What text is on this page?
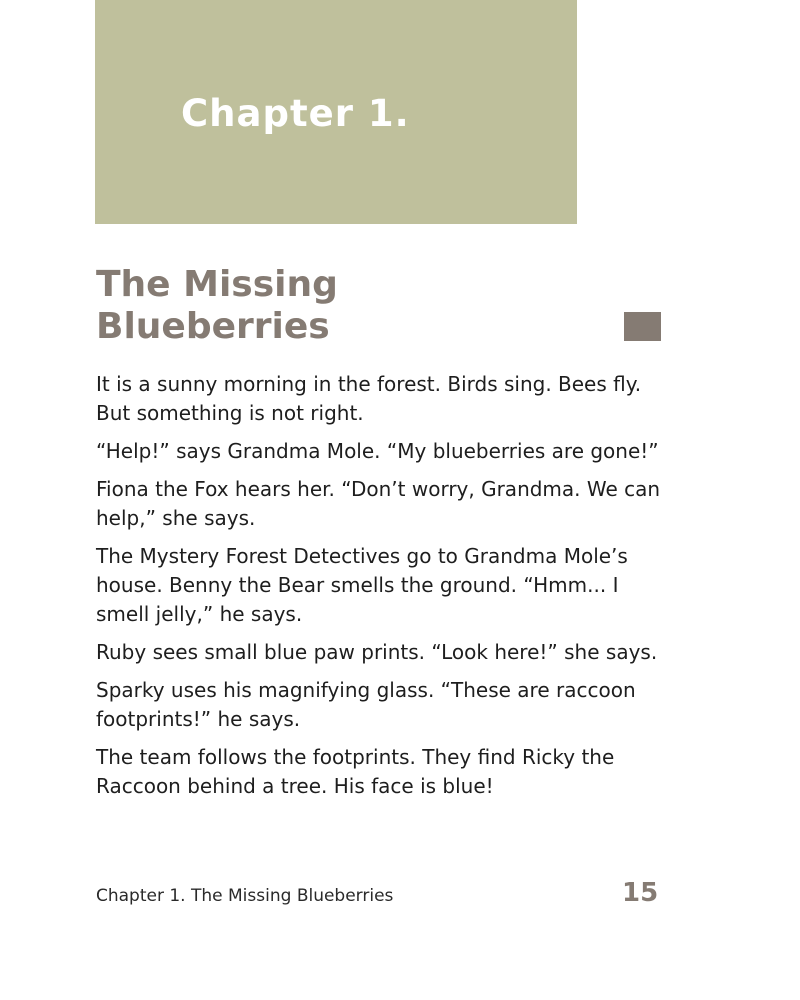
Chapter 1.
The Missing
Blueberries

It is a sunny morning in the forest. Birds sing. Bees fly. But something is not right.

“Help!” says Grandma Mole. “My blueberries are gone!”

Fiona the Fox hears her. “Don’t worry, Grandma. We can help,” she says.

The Mystery Forest Detectives go to Grandma Mole’s house. Benny the Bear smells the ground. “Hmm... I smell jelly,” he says.

Ruby sees small blue paw prints. “Look here!” she says.

Sparky uses his magnifying glass. “These are raccoon footprints!” he says.

The team follows the footprints. They find Ricky the Raccoon behind a tree. His face is blue!

Chapter 1. The Missing Blueberries	15
